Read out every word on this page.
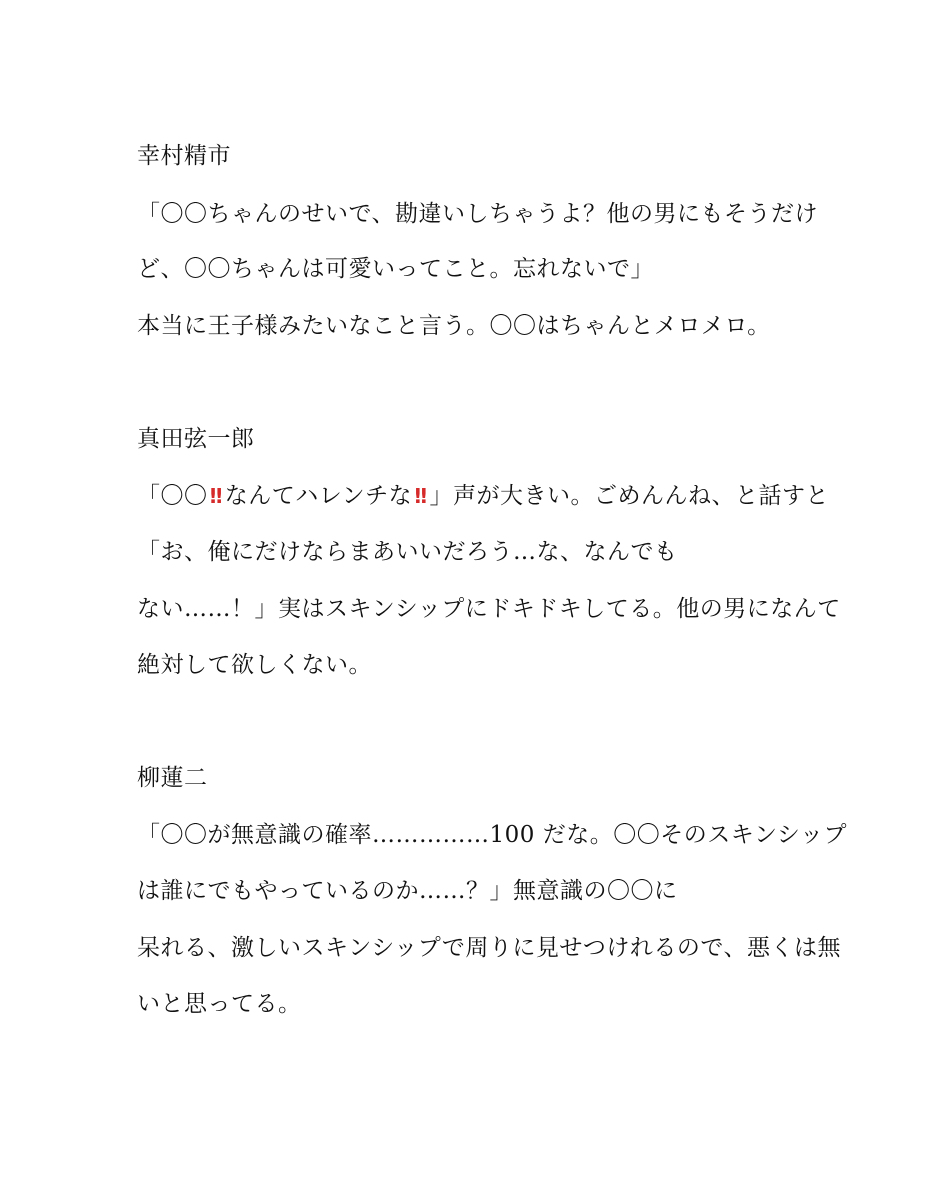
幸村精市
「〇〇ちゃんのせいで、勘違いしちゃうよ？他の男にもそうだけ
ど、〇〇ちゃんは可愛いってこと。忘れないで」
本当に王子様みたいなこと言う。〇〇はちゃんとメロメロ。
真田弦一郎
「〇〇!! なんてハレンチな!! 」声が大きい。ごめんんね、と話すと
「お、俺にだけならまあいいだろう…な、なんでも
ない……！」実はスキンシップにドキドキしてる。他の男になんて
絶対して欲しくない。
柳蓮二
「〇〇が無意識の確率……………100 だな。〇〇そのスキンシップ
は誰にでもやっているのか……？」無意識の〇〇に
呆れる、激しいスキンシップで周りに見せつけれるので、悪くは無
いと思ってる。
